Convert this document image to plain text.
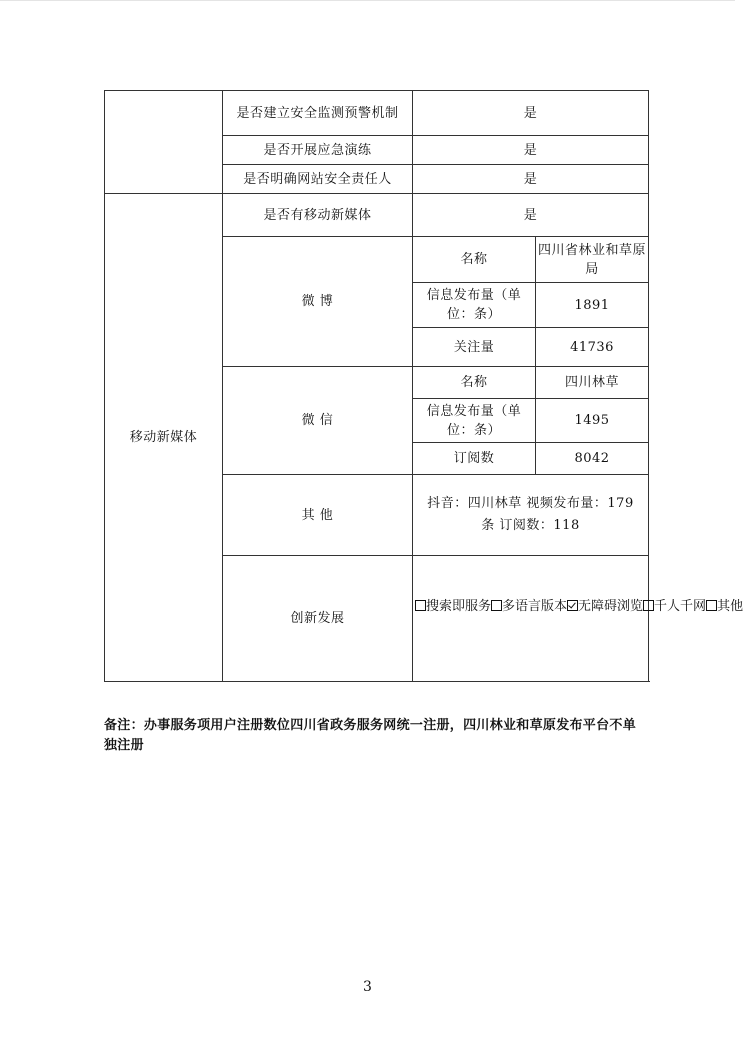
	是否建立安全监测预警机制	是	
	是否开展应急演练	是	
	是否明确网站安全责任人	是	
移动新媒体	是否有移动新媒体	是	
	微 博	名称	四川省林业和草原局
		信息发布量（单位：条）	1891
		关注量	41736
	微 信	名称	四川林草
		信息发布量（单位：条）	1495
		订阅数	8042
	其 他	抖音：四川林草 视频发布量：179 条 订阅数：118	
	创新发展	搜索即服务 多语言版本 无障碍浏览 千人千网 其他	
备注：办事服务项用户注册数位四川省政务服务网统一注册，四川林业和草原发布平台不单独注册
3
